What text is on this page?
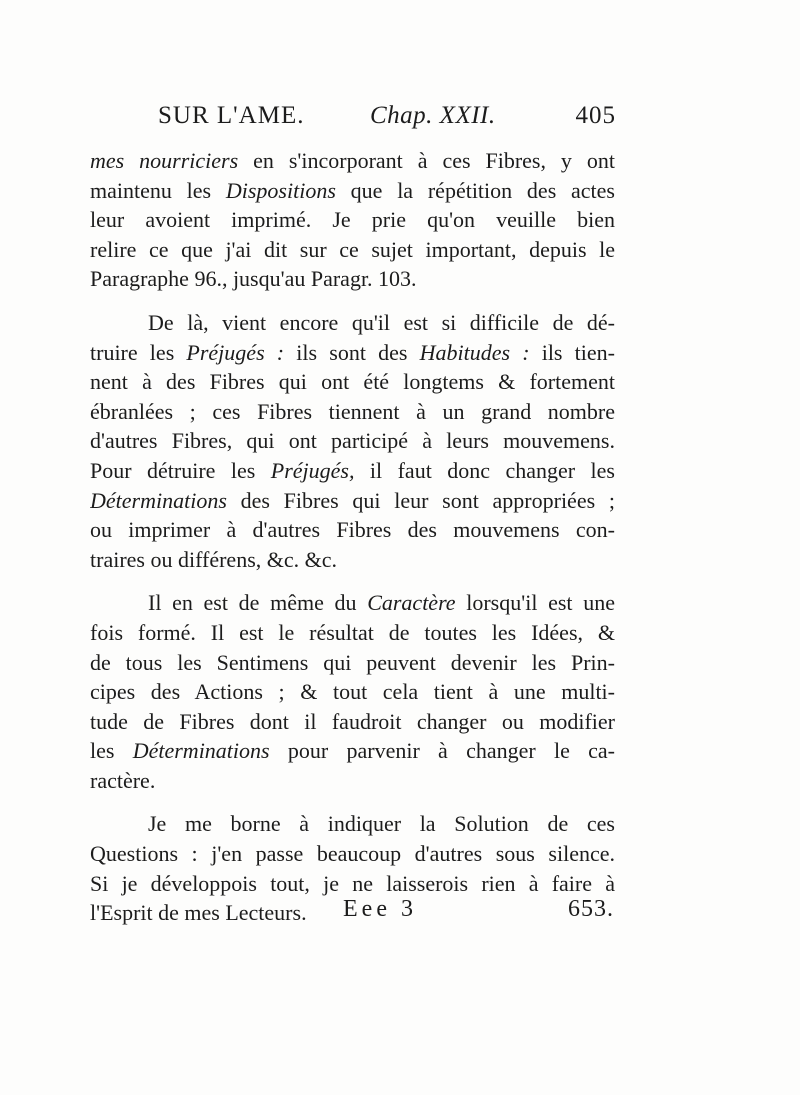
SUR L'AME.	Chap. XXII.	405
mes nourriciers en s'incorporant à ces Fibres, y ont
maintenu les Dispositions que la répétition des actes
leur avoient imprimé. Je prie qu'on veuille bien
relire ce que j'ai dit sur ce sujet important, depuis le
Paragraphe 96., jusqu'au Paragr. 103.
De là, vient encore qu'il est si difficile de dé-
truire les Préjugés : ils sont des Habitudes : ils tien-
nent à des Fibres qui ont été longtems & fortement
ébranlées ; ces Fibres tiennent à un grand nombre
d'autres Fibres, qui ont participé à leurs mouvemens.
Pour détruire les Préjugés, il faut donc changer les
Déterminations des Fibres qui leur sont appropriées ;
ou imprimer à d'autres Fibres des mouvemens con-
traires ou différens, &c. &c.
Il en est de même du Caractère lorsqu'il est une
fois formé. Il est le résultat de toutes les Idées, &
de tous les Sentimens qui peuvent devenir les Prin-
cipes des Actions ; & tout cela tient à une multi-
tude de Fibres dont il faudroit changer ou modifier
les Déterminations pour parvenir à changer le ca-
ractère.
Je me borne à indiquer la Solution de ces
Questions : j'en passe beaucoup d'autres sous silence.
Si je développois tout, je ne laisserois rien à faire à
l'Esprit de mes Lecteurs.	Eee 3	653.
